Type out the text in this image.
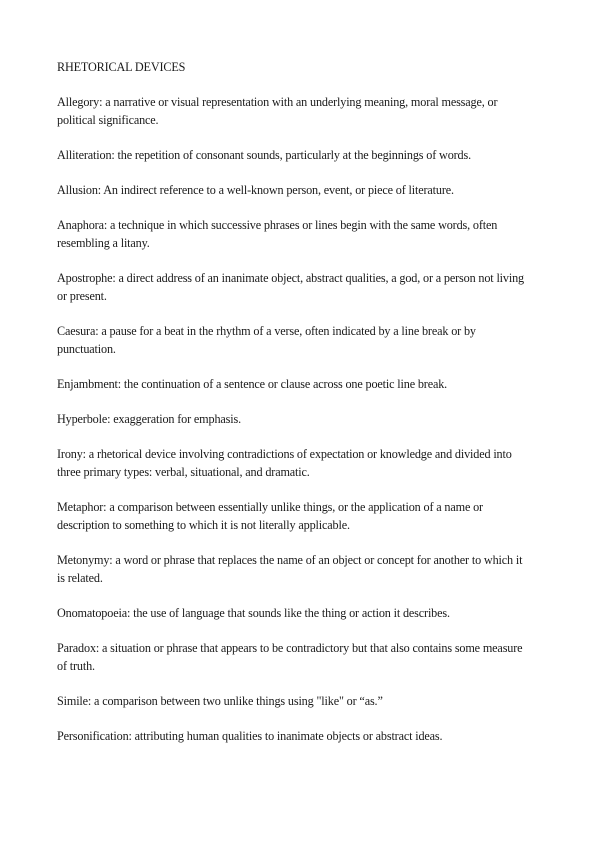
RHETORICAL DEVICES

Allegory: a narrative or visual representation with an underlying meaning, moral message, or political significance.

Alliteration: the repetition of consonant sounds, particularly at the beginnings of words.

Allusion: An indirect reference to a well-known person, event, or piece of literature.

Anaphora: a technique in which successive phrases or lines begin with the same words, often resembling a litany.

Apostrophe: a direct address of an inanimate object, abstract qualities, a god, or a person not living or present.

Caesura: a pause for a beat in the rhythm of a verse, often indicated by a line break or by punctuation.

Enjambment: the continuation of a sentence or clause across one poetic line break.

Hyperbole: exaggeration for emphasis.

Irony: a rhetorical device involving contradictions of expectation or knowledge and divided into three primary types: verbal, situational, and dramatic.

Metaphor: a comparison between essentially unlike things, or the application of a name or description to something to which it is not literally applicable.

Metonymy: a word or phrase that replaces the name of an object or concept for another to which it is related.

Onomatopoeia: the use of language that sounds like the thing or action it describes.

Paradox: a situation or phrase that appears to be contradictory but that also contains some measure of truth.

Simile: a comparison between two unlike things using "like" or “as.”

Personification: attributing human qualities to inanimate objects or abstract ideas.
